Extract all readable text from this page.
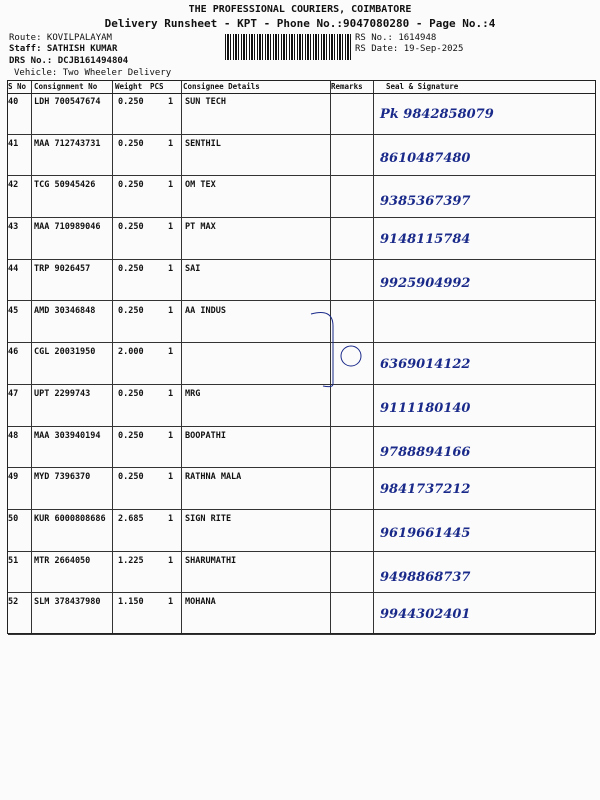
THE PROFESSIONAL COURIERS, COIMBATORE
Delivery Runsheet - KPT - Phone No.:9047080280 - Page No.:4
Route: KOVILPALAYAM
Staff: SATHISH KUMAR
DRS No.: DCJB161494804
Vehicle: Two Wheeler Delivery
RS No.: 1614948
RS Date: 19-Sep-2025
S No Consignment No Weight PCS	Consignee Details	Remarks	Seal & Signature
40 LDH 700547674 0.250	1 SUN TECH
Pk 9842858079
41 MAA 712743731 0.250	1 SENTHIL
8610487480
42 TCG 50945426	0.250	1 OM TEX
9385367397
43 MAA 710989046 0.250	1 PT MAX
9148115784
44 TRP 9026457	0.250	1 SAI
9925904992
45 AMD 30346848	0.250	1 AA INDUS
46 CGL 20031950	2.000	1
6369014122
47 UPT 2299743	0.250	1 MRG
9111180140
48 MAA 303940194 0.250	1 BOOPATHI
9788894166
49 MYD 7396370	0.250	1 RATHNA MALA
9841737212
50 KUR 6000808686 2.685	1 SIGN RITE
9619661445
51 MTR 2664050	1.225	1 SHARUMATHI
9498868737
52 SLM 378437980 1.150	1 MOHANA
9944302401
